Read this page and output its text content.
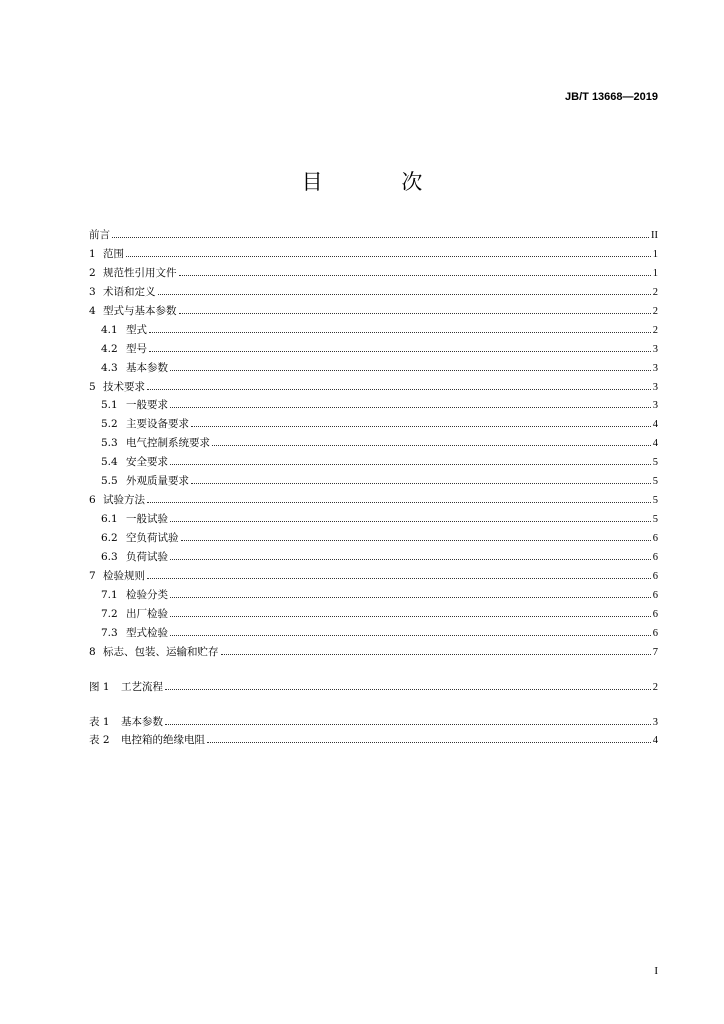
JB/T 13668—2019
目 次
前言	II
1 范围	1
2 规范性引用文件	1
3 术语和定义	2
4 型式与基本参数	2
4.1 型式	2
4.2 型号	3
4.3 基本参数	3
5 技术要求	3
5.1 一般要求	3
5.2 主要设备要求	4
5.3 电气控制系统要求	4
5.4 安全要求	5
5.5 外观质量要求	5
6 试验方法	5
6.1 一般试验	5
6.2 空负荷试验	6
6.3 负荷试验	6
7 检验规则	6
7.1 检验分类	6
7.2 出厂检验	6
7.3 型式检验	6
8 标志、包装、运输和贮存	7
图 1	工艺流程	2
表 1	基本参数	3
表 2	电控箱的绝缘电阻	4
I
